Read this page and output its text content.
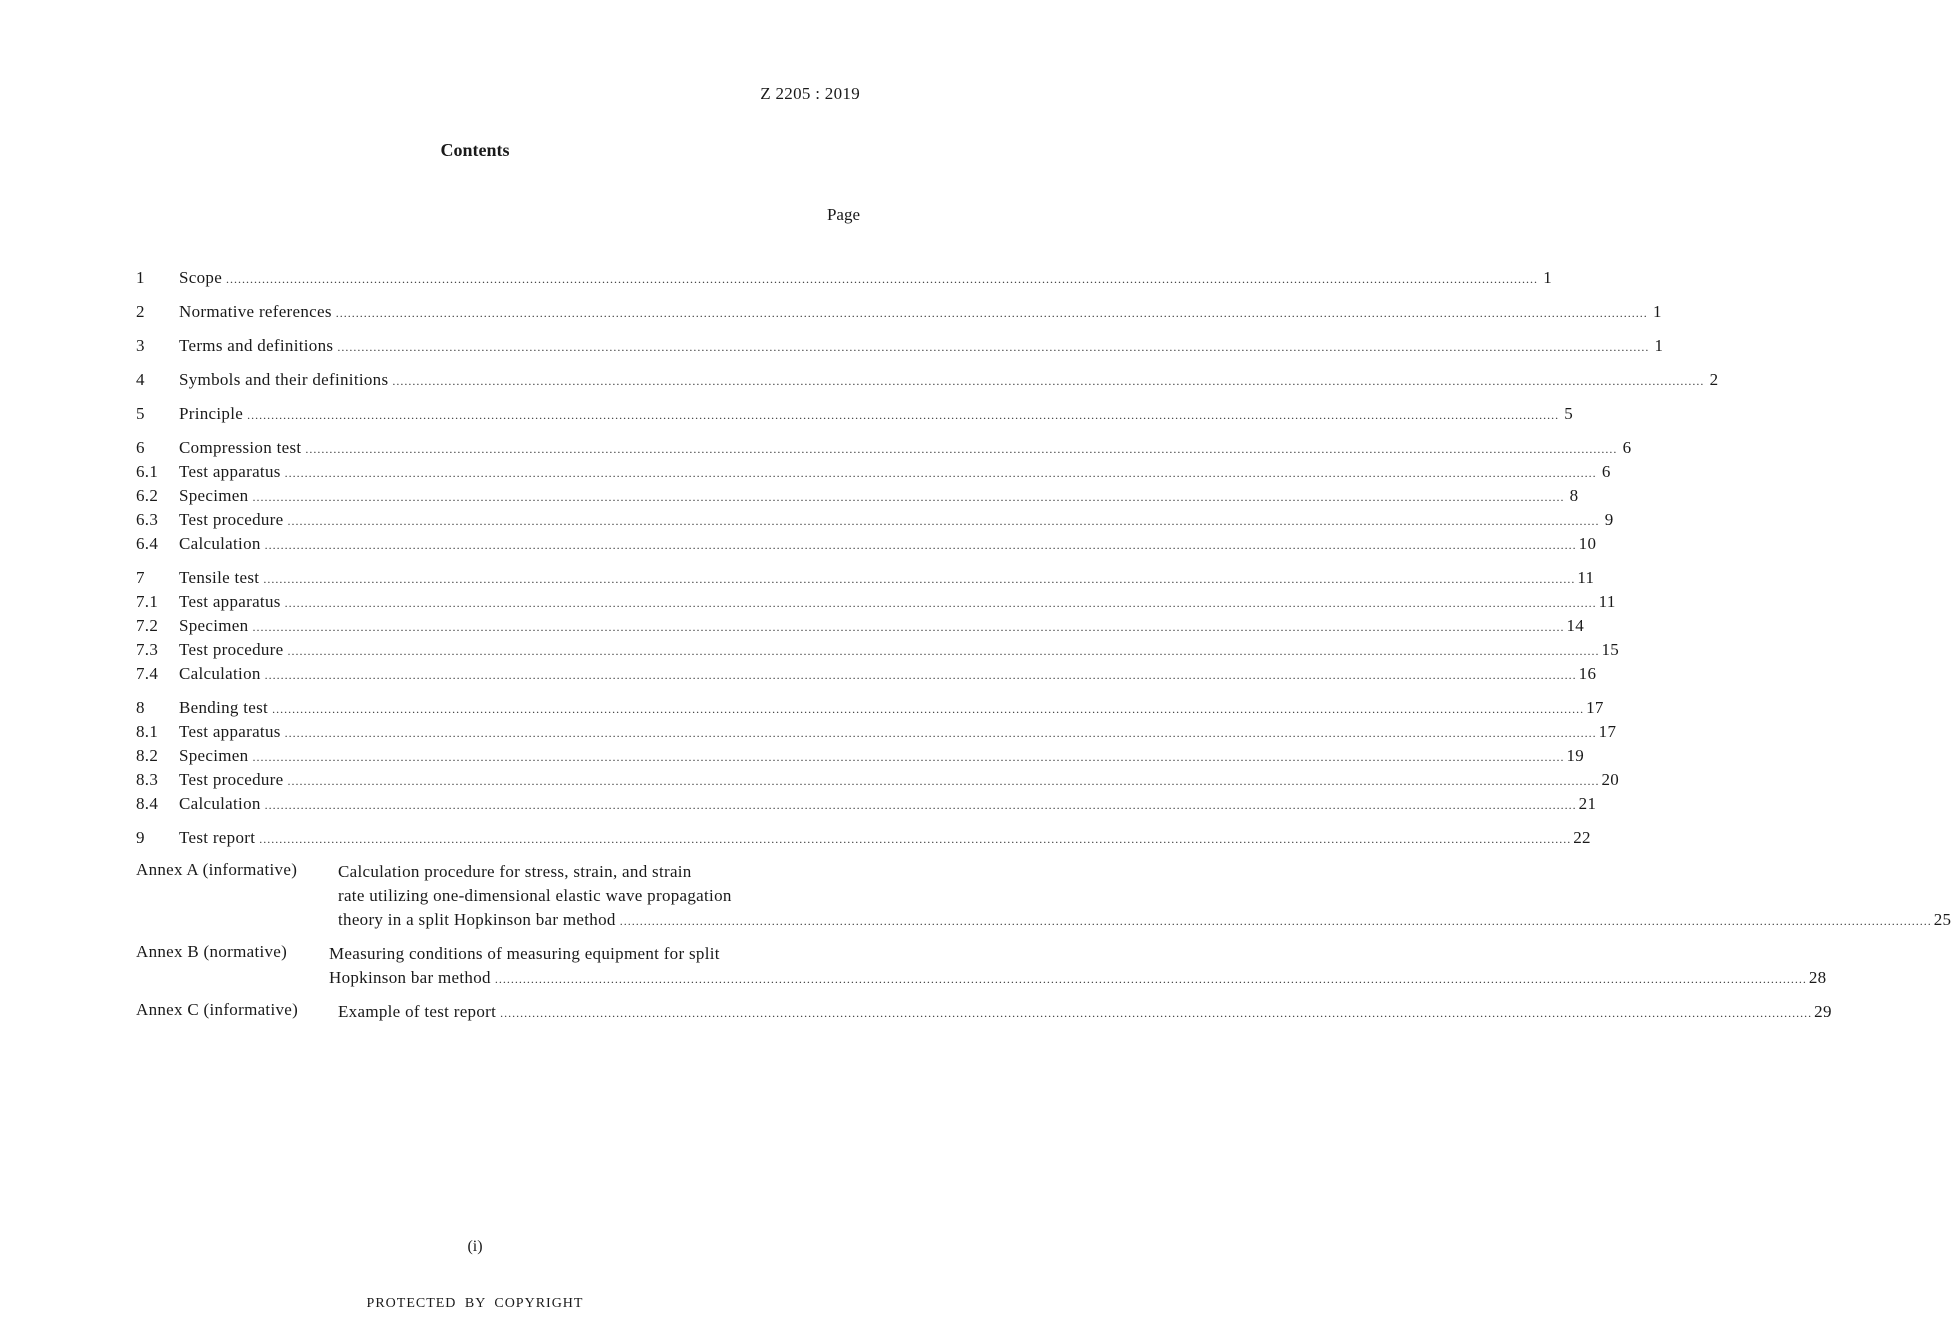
Z 2205 : 2019
Contents
Page
1	Scope .....	1
2	Normative references .....	1
3	Terms and definitions .....	1
4	Symbols and their definitions .....	2
5	Principle .....	5
6	Compression test .....	6
6.1	Test apparatus .....	6
6.2	Specimen .....	8
6.3	Test procedure .....	9
6.4	Calculation .....	10
7	Tensile test .....	11
7.1	Test apparatus .....	11
7.2	Specimen .....	14
7.3	Test procedure .....	15
7.4	Calculation .....	16
8	Bending test .....	17
8.1	Test apparatus .....	17
8.2	Specimen .....	19
8.3	Test procedure .....	20
8.4	Calculation .....	21
9	Test report .....	22
Annex A (informative)	Calculation procedure for stress, strain, and strain
rate utilizing one-dimensional elastic wave propagation
theory in a split Hopkinson bar method .....	25
Annex B (normative)	Measuring conditions of measuring equipment for split
Hopkinson bar method .....	28
Annex C (informative)	Example of test report .....	29
(i)
PROTECTED BY COPYRIGHT
